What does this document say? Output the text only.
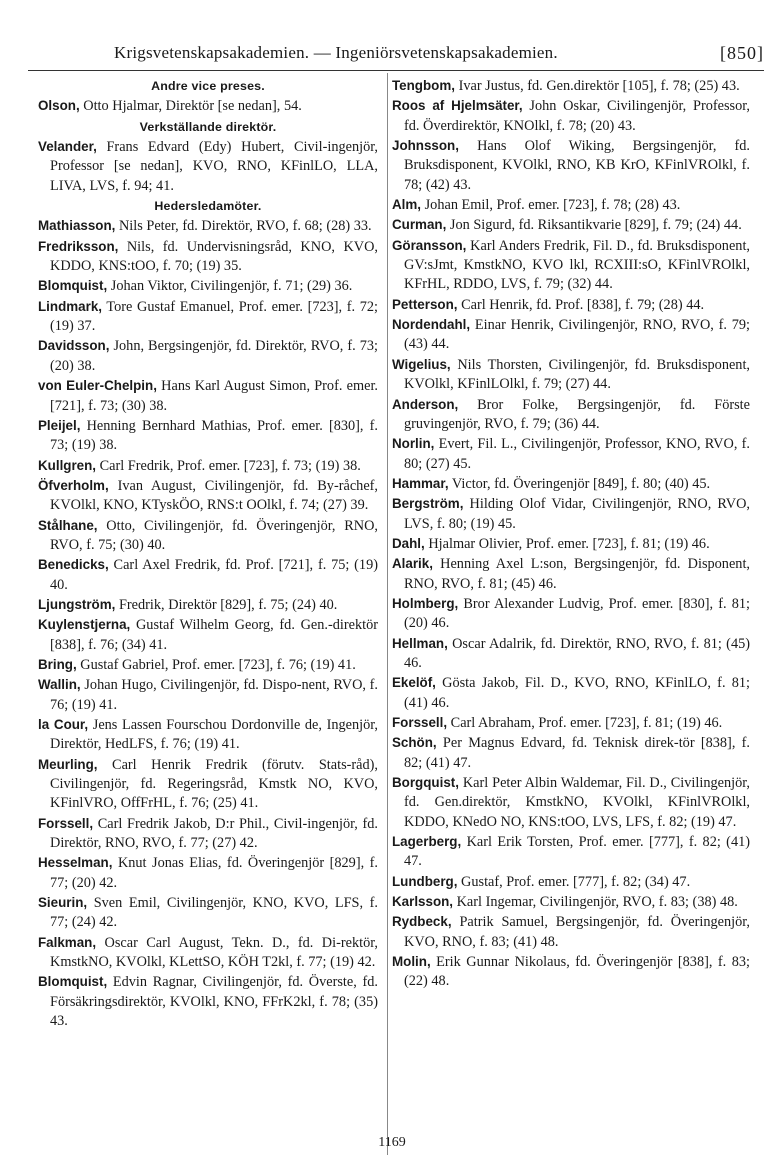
Krigsvetenskapsakademien. — Ingeniörsvetenskapsakademien.	[850]
Andre vice preses.

Olson, Otto Hjalmar, Direktör [se nedan], 54.

Verkställande direktör.

Velander, Frans Edvard (Edy) Hubert, Civil-ingenjör, Professor [se nedan], KVO, RNO, KFinlLO, LLA, LIVA, LVS, f. 94; 41.

Hedersledamöter.

Mathiasson, Nils Peter, fd. Direktör, RVO, f. 68; (28) 33.

Fredriksson, Nils, fd. Undervisningsråd, KNO, KVO, KDDO, KNS:tOO, f. 70; (19) 35.

Blomquist, Johan Viktor, Civilingenjör, f. 71; (29) 36.

Lindmark, Tore Gustaf Emanuel, Prof. emer. [723], f. 72; (19) 37.

Davidsson, John, Bergsingenjör, fd. Direktör, RVO, f. 73; (20) 38.

von Euler-Chelpin, Hans Karl August Simon, Prof. emer. [721], f. 73; (30) 38.

Pleijel, Henning Bernhard Mathias, Prof. emer. [830], f. 73; (19) 38.

Kullgren, Carl Fredrik, Prof. emer. [723], f. 73; (19) 38.

Öfverholm, Ivan August, Civilingenjör, fd. By-råchef, KVOlkl, KNO, KTyskÖO, RNS:t OOlkl, f. 74; (27) 39.

Stålhane, Otto, Civilingenjör, fd. Överingenjör, RNO, RVO, f. 75; (30) 40.

Benedicks, Carl Axel Fredrik, fd. Prof. [721], f. 75; (19) 40.

Ljungström, Fredrik, Direktör [829], f. 75; (24) 40.

Kuylenstjerna, Gustaf Wilhelm Georg, fd. Gen.-direktör [838], f. 76; (34) 41.

Bring, Gustaf Gabriel, Prof. emer. [723], f. 76; (19) 41.

Wallin, Johan Hugo, Civilingenjör, fd. Dispo-nent, RVO, f. 76; (19) 41.

la Cour, Jens Lassen Fourschou Dordonville de, Ingenjör, Direktör, HedLFS, f. 76; (19) 41.

Meurling, Carl Henrik Fredrik (förutv. Stats-råd), Civilingenjör, fd. Regeringsråd, Kmstk NO, KVO, KFinlVRO, OffFrHL, f. 76; (25) 41.

Forssell, Carl Fredrik Jakob, D:r Phil., Civil-ingenjör, fd. Direktör, RNO, RVO, f. 77; (27) 42.

Hesselman, Knut Jonas Elias, fd. Överingenjör [829], f. 77; (20) 42.

Sieurin, Sven Emil, Civilingenjör, KNO, KVO, LFS, f. 77; (24) 42.

Falkman, Oscar Carl August, Tekn. D., fd. Di-rektör, KmstkNO, KVOlkl, KLettSO, KÖH T2kl, f. 77; (19) 42.

Blomquist, Edvin Ragnar, Civilingenjör, fd. Överste, fd. Försäkringsdirektör, KVOlkl, KNO, FFrK2kl, f. 78; (35) 43.

Tengbom, Ivar Justus, fd. Gen.direktör [105], f. 78; (25) 43.

Roos af Hjelmsäter, John Oskar, Civilingenjör, Professor, fd. Överdirektör, KNOlkl, f. 78; (20) 43.

Johnsson, Hans Olof Wiking, Bergsingenjör, fd. Bruksdisponent, KVOlkl, RNO, KB KrO, KFinlVROlkl, f. 78; (42) 43.

Alm, Johan Emil, Prof. emer. [723], f. 78; (28) 43.

Curman, Jon Sigurd, fd. Riksantikvarie [829], f. 79; (24) 44.

Göransson, Karl Anders Fredrik, Fil. D., fd. Bruksdisponent, GV:sJmt, KmstkNO, KVO lkl, RCXIII:sO, KFinlVROlkl, KFrHL, RDDO, LVS, f. 79; (32) 44.

Petterson, Carl Henrik, fd. Prof. [838], f. 79; (28) 44.

Nordendahl, Einar Henrik, Civilingenjör, RNO, RVO, f. 79; (43) 44.

Wigelius, Nils Thorsten, Civilingenjör, fd. Bruksdisponent, KVOlkl, KFinlLOlkl, f. 79; (27) 44.

Anderson, Bror Folke, Bergsingenjör, fd. Förste gruvingenjör, RVO, f. 79; (36) 44.

Norlin, Evert, Fil. L., Civilingenjör, Professor, KNO, RVO, f. 80; (27) 45.

Hammar, Victor, fd. Överingenjör [849], f. 80; (40) 45.

Bergström, Hilding Olof Vidar, Civilingenjör, RNO, RVO, LVS, f. 80; (19) 45.

Dahl, Hjalmar Olivier, Prof. emer. [723], f. 81; (19) 46.

Alarik, Henning Axel L:son, Bergsingenjör, fd. Disponent, RNO, RVO, f. 81; (45) 46.

Holmberg, Bror Alexander Ludvig, Prof. emer. [830], f. 81; (20) 46.

Hellman, Oscar Adalrik, fd. Direktör, RNO, RVO, f. 81; (45) 46.

Ekelöf, Gösta Jakob, Fil. D., KVO, RNO, KFinlLO, f. 81; (41) 46.

Forssell, Carl Abraham, Prof. emer. [723], f. 81; (19) 46.

Schön, Per Magnus Edvard, fd. Teknisk direk-tör [838], f. 82; (41) 47.

Borgquist, Karl Peter Albin Waldemar, Fil. D., Civilingenjör, fd. Gen.direktör, KmstkNO, KVOlkl, KFinlVROlkl, KDDO, KNedO NO, KNS:tOO, LVS, LFS, f. 82; (19) 47.

Lagerberg, Karl Erik Torsten, Prof. emer. [777], f. 82; (41) 47.

Lundberg, Gustaf, Prof. emer. [777], f. 82; (34) 47.

Karlsson, Karl Ingemar, Civilingenjör, RVO, f. 83; (38) 48.

Rydbeck, Patrik Samuel, Bergsingenjör, fd. Överingenjör, KVO, RNO, f. 83; (41) 48.

Molin, Erik Gunnar Nikolaus, fd. Överingenjör [838], f. 83; (22) 48.

1169
